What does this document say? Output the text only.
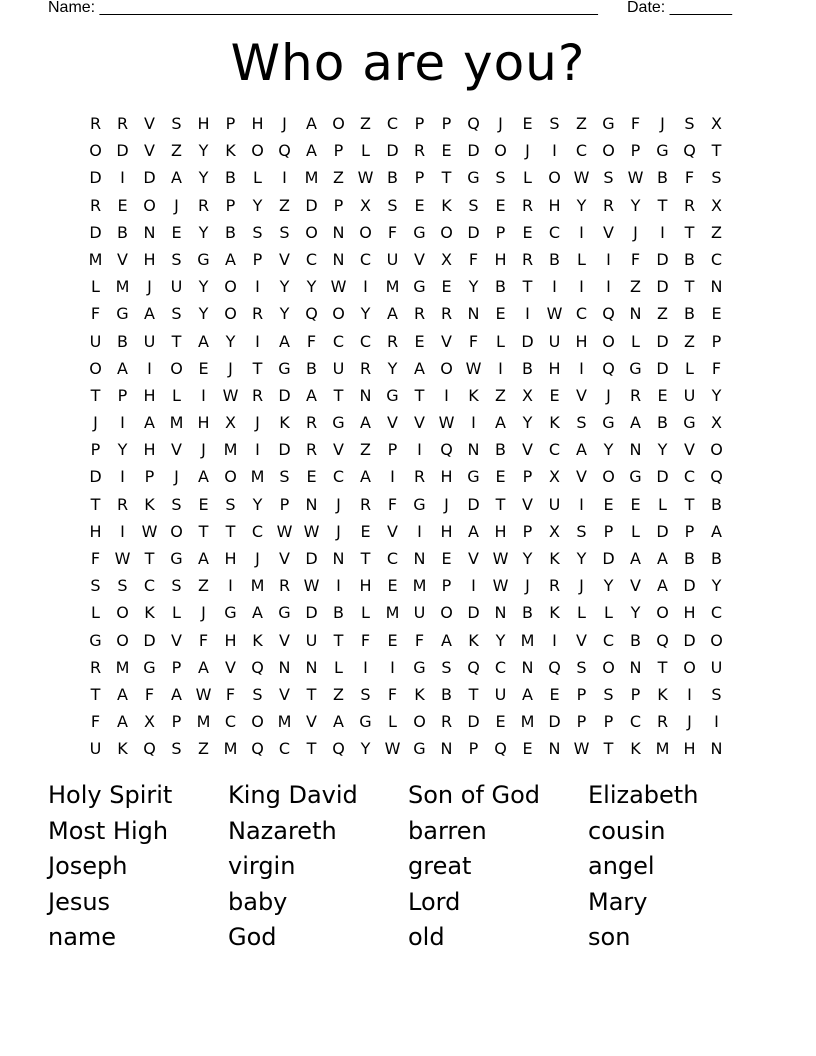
Name: ________________________________________________________ Date: _______
Who are you?
R R V	S H	P	H	J	A O Z C	P	P Q	J	E	S	Z G	F	J	S	X
O D V	Z	Y	K O Q A	P	L	D R	E D O	J	I	C O P G Q T
D	I	D A	Y	B	L	I	M Z W B	P	T G S	L	O W S W B	F	S
R	E O	J	R	P	Y	Z D	P	X	S	E	K	S	E	R H	Y	R	Y	T	R X
D B N E	Y	B	S	S O N O	F	G O D	P	E	C	I	V	J	I	T	Z
M V H S G A	P	V C N C U V	X	F	H R B	L	I	F	D B C
L M	J	U	Y O	I	Y	Y W	I	M G E	Y	B	T	I	I	I	Z D T	N
F	G A	S	Y O R	Y Q O Y	A R R N E	I	W C Q N Z	B	E
U B U	T	A	Y	I	A	F	C C R	E	V	F	L	D U H O	L	D Z	P
O A	I	O E	J	T G B U R	Y	A O W	I	B H	I	Q G D	L	F
T	P	H	L	I	W R D A	T	N G T	I	K	Z	X	E	V	J	R	E	U	Y
J	I	A M H X	J	K	R G A	V	V W	I	A	Y	K	S G A	B G X
P	Y	H V	J	M	I	D R V	Z	P	I	Q N B	V C A	Y	N	Y	V O
D	I	P	J	A O M S	E	C A	I	R H G E	P	X	V O G D C Q
T	R	K	S	E	S	Y	P	N	J	R	F	G	J	D T	V U	I	E	E	L	T	B
H	I	W O T	T	C W W	J	E	V	I	H A H	P	X	S	P	L	D	P	A
F W T G A H	J	V D N	T	C N E	V W Y	K	Y D A	A	B	B
S	S	C	S	Z	I	M R W	I	H E M P	I	W	J	R	J	Y	V	A D Y
L	O K	L	J	G A G D B	L M U O D N B	K	L	L	Y O H C
G O D V	F	H K	V U	T	F	E	F	A	K	Y M	I	V C B Q D O
R M G P	A	V Q N N	L	I	I	G S Q C N Q S O N	T O U
T	A	F	A W F	S	V	T	Z	S	F	K	B	T	U A	E	P	S	P	K	I	S
F	A	X	P M C O M V	A G	L	O R D E M D	P	P	C R	J	I
U K Q S	Z M Q C	T Q Y W G N	P Q E N W T	K M H N
Holy Spirit	King David	Son of God	Elizabeth
Most High	Nazareth	barren	cousin
Joseph	virgin	great	angel
Jesus	baby	Lord	Mary
name	God	old	son
